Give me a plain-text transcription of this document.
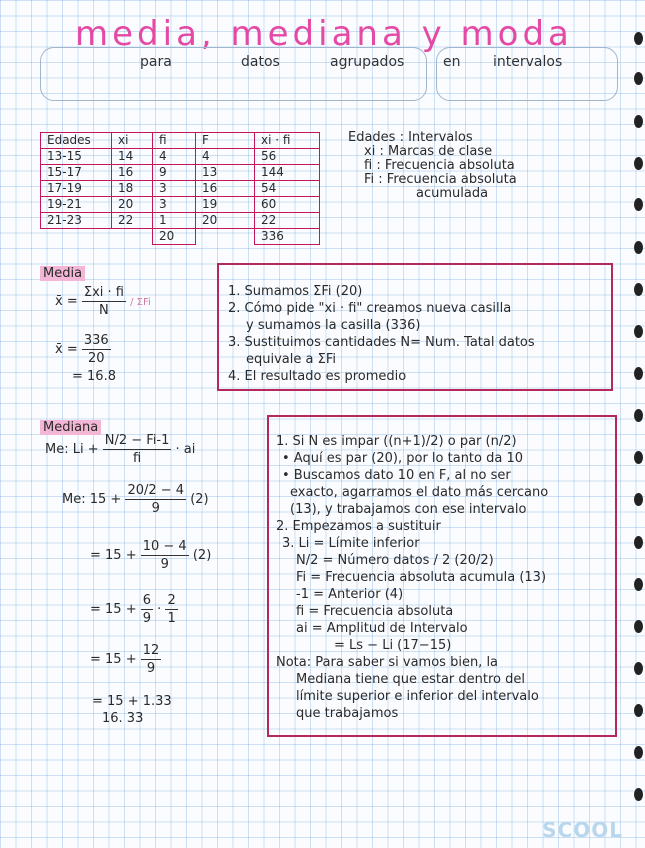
media, mediana y moda
para	datos	agrupados	en intervalos
Edades	xi	fi	F	xi · fi
13-15	14	4	4	56
15-17	16	9	13	144
17-19	18	3	16	54
19-21	20	3	19	60
21-23	22	1	20	22
		20		336
Edades : Intervalos
xi : Marcas de clase
fi : Frecuencia absoluta
Fi : Frecuencia absoluta
acumulada
Media
x̄ = $\frac{\text{Σxi · fi}}{N}$ / ΣFi
x̄ = $\frac{336}{20}$
= 16.8
1. Sumamos ΣFi (20)
2. Cómo pide "xi · fi" creamos nueva casilla
y sumamos la casilla (336)
3. Sustituimos cantidades N= Num. Tatal datos
equivale a ΣFi
4. El resultado es promedio
Mediana
Me: $Li + \frac{N/2 - Fi-1}{fi}$ · ai
Me: $15 + \frac{20/2 - 4}{9} (2)$
= $15 + \frac{10 - 4}{9} (2)$
= $15 + \frac{6}{9} \cdot \frac{2}{1}$
= $15 + \frac{12}{9}$
= 15 + 1.33
16. 33
1. Si N es impar ((n+1)/2) o par (n/2)
• Aquí es par (20), por lo tanto da 10
• Buscamos dato 10 en F, al no ser
exacto, agarramos el dato más cercano
(13), y trabajamos con ese intervalo
2. Empezamos a sustituir
3. Li = Límite inferior
N/2 = Número datos / 2 (20/2)
Fi = Frecuencia absoluta acumula (13)
-1 = Anterior (4)
fi = Frecuencia absoluta
ai = Amplitud de Intervalo
= Ls − Li (17−15)
Nota: Para saber si vamos bien, la
Mediana tiene que estar dentro del
límite superior e inferior del intervalo
que trabajamos
SCOOL
